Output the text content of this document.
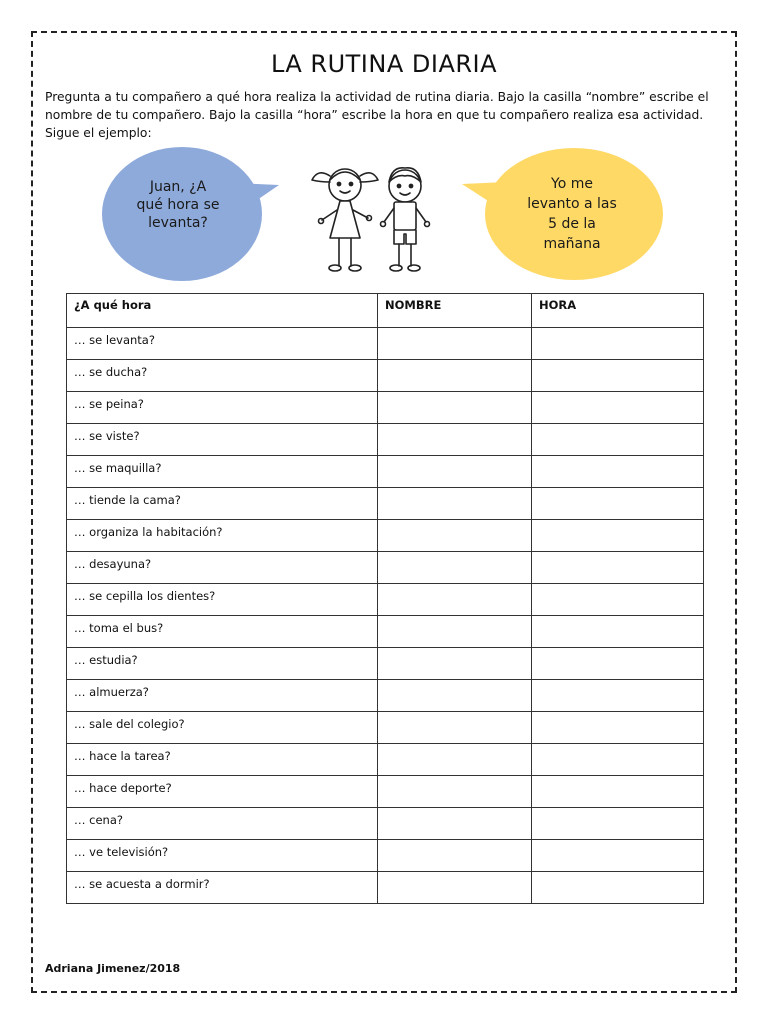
LA RUTINA DIARIA
Pregunta a tu compañero a qué hora realiza la actividad de rutina diaria. Bajo la casilla “nombre” escribe el nombre de tu compañero. Bajo la casilla “hora” escribe la hora en que tu compañero realiza esa actividad. Sigue el ejemplo:
Juan, ¿A
qué hora se
levanta?
Yo me
levanto a las
5 de la
mañana
¿A qué hora	NOMBRE	HORA
… se levanta?		
… se ducha?		
… se peina?		
… se viste?		
… se maquilla?		
… tiende la cama?		
… organiza la habitación?		
… desayuna?		
… se cepilla los dientes?		
… toma el bus?		
… estudia?		
… almuerza?		
… sale del colegio?		
… hace la tarea?		
… hace deporte?		
… cena?		
… ve televisión?		
… se acuesta a dormir?		
Adriana Jimenez/2018
